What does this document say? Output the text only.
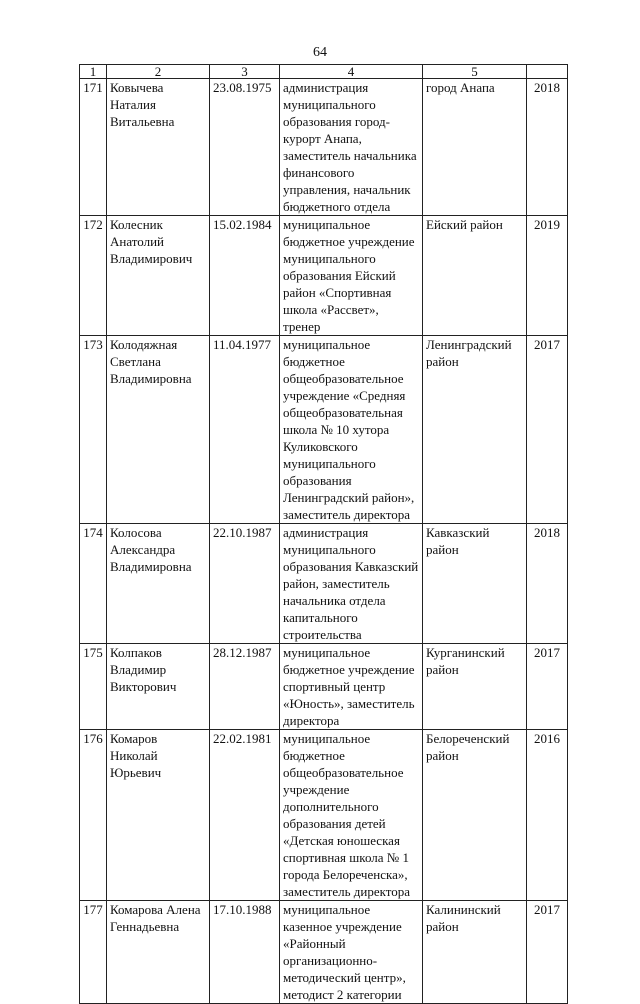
64
1	2	3	4	5	
171	Ковычева Наталия Витальевна	23.08.1975	администрация муниципального образования город-курорт Анапа, заместитель начальника финансового управления, начальник бюджетного отдела	город Анапа	2018
172	Колесник Анатолий Владимирович	15.02.1984	муниципальное бюджетное учреждение муниципального образования Ейский район «Спортивная школа «Рассвет», тренер	Ейский район	2019
173	Колодяжная Светлана Владимировна	11.04.1977	муниципальное бюджетное общеобразовательное учреждение «Средняя общеобразовательная школа № 10 хутора Куликовского муниципального образования Ленинградский район», заместитель директора	Ленинградский район	2017
174	Колосова Александра Владимировна	22.10.1987	администрация муниципального образования Кавказский район, заместитель начальника отдела капитального строительства	Кавказский район	2018
175	Колпаков Владимир Викторович	28.12.1987	муниципальное бюджетное учреждение спортивный центр «Юность», заместитель директора	Курганинский район	2017
176	Комаров Николай Юрьевич	22.02.1981	муниципальное бюджетное общеобразовательное учреждение дополнительного образования детей «Детская юношеская спортивная школа № 1 города Белореченска», заместитель директора	Белореченский район	2016
177	Комарова Алена Геннадьевна	17.10.1988	муниципальное казенное учреждение «Районный организационно-методический центр», методист 2 категории	Калининский район	2017
